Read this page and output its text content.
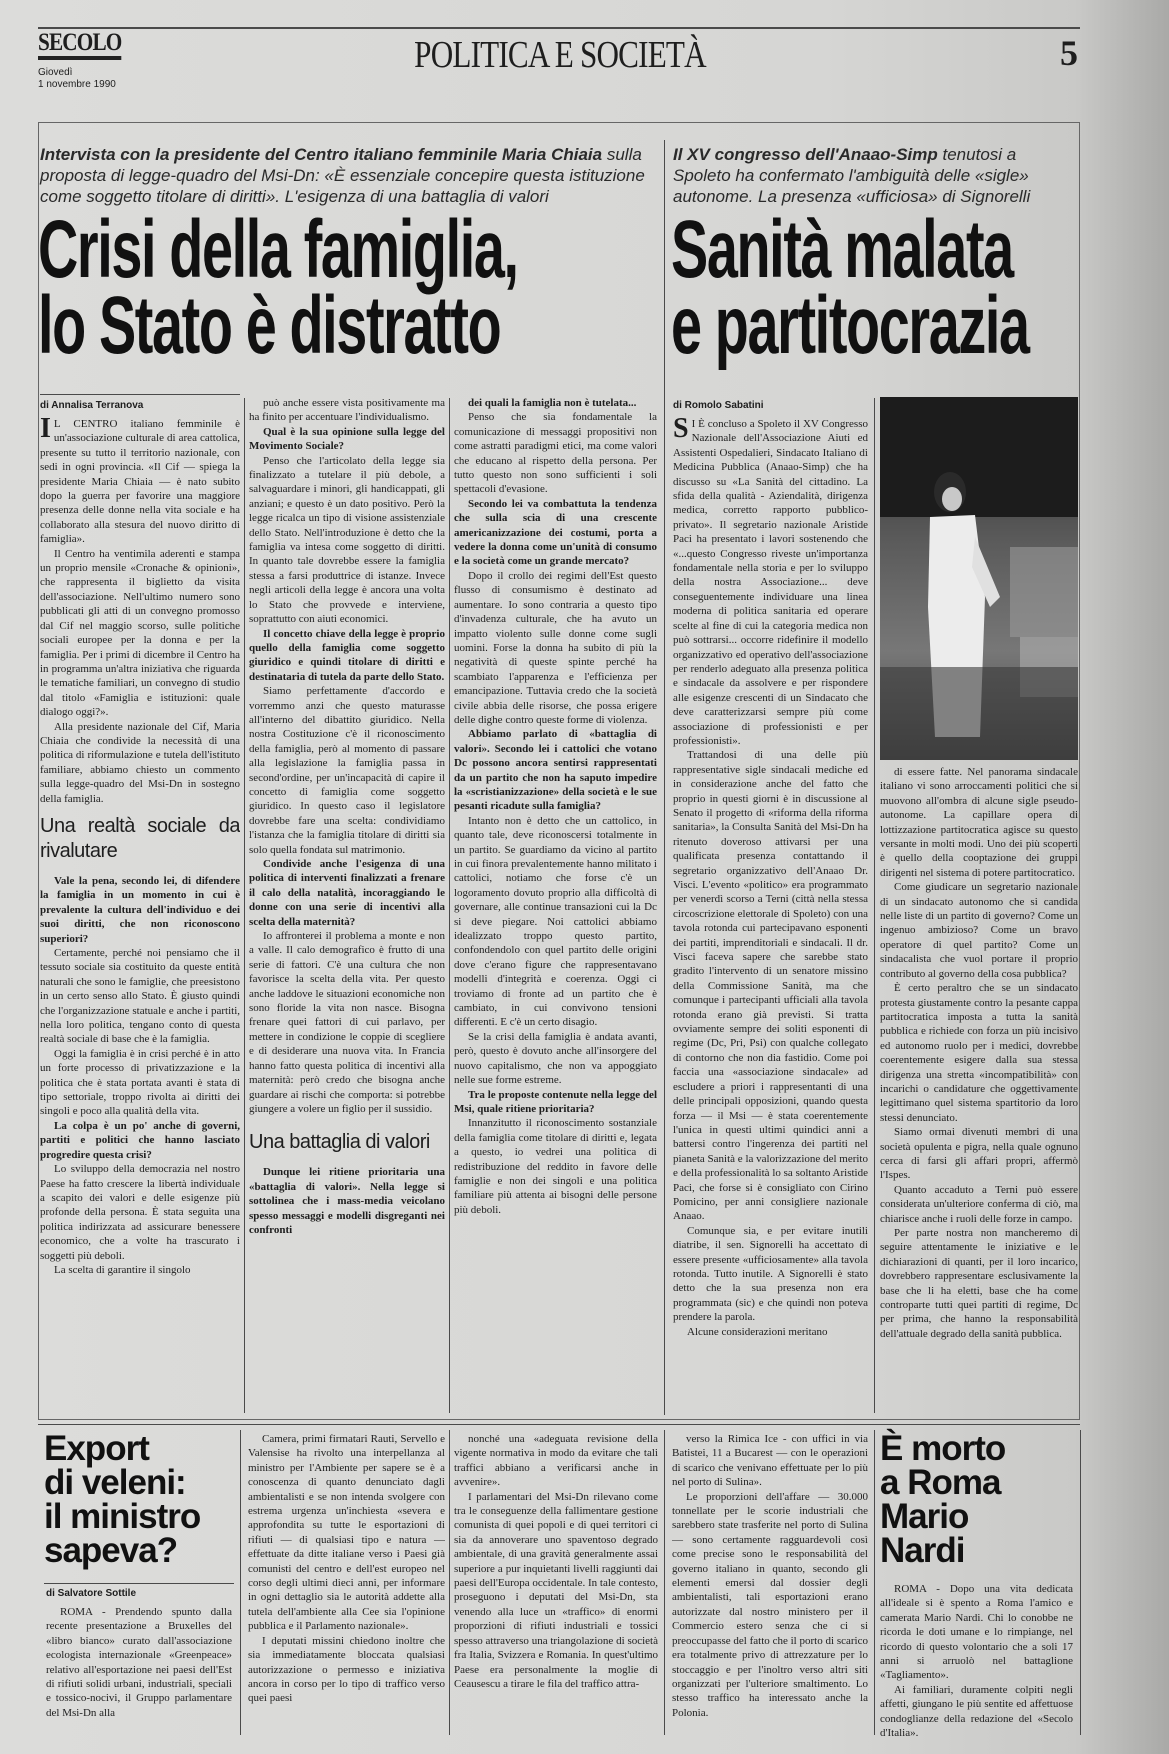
SECOLO
Giovedì
1 novembre 1990
POLITICA E SOCIETÀ	5
Intervista con la presidente del Centro italiano femminile Maria Chiaia sulla proposta di legge-quadro del Msi-Dn: «È essenziale concepire questa istituzione come soggetto titolare di diritti». L'esigenza di una battaglia di valori
Crisi della famiglia,
lo Stato è distratto
di Annalisa Terranova

IL CENTRO italiano femminile è un'associazione culturale di area cattolica, presente su tutto il territorio nazionale, con sedi in ogni provincia. «Il Cif — spiega la presidente Maria Chiaia — è nato subito dopo la guerra per favorire una maggiore presenza delle donne nella vita sociale e ha collaborato alla stesura del nuovo diritto di famiglia».

Il Centro ha ventimila aderenti e stampa un proprio mensile «Cronache & opinioni», che rappresenta il biglietto da visita dell'associazione. Nell'ultimo numero sono pubblicati gli atti di un convegno promosso dal Cif nel maggio scorso, sulle politiche sociali europee per la donna e per la famiglia. Per i primi di dicembre il Centro ha in programma un'altra iniziativa che riguarda le tematiche familiari, un convegno di studio dal titolo «Famiglia e istituzioni: quale dialogo oggi?».

Alla presidente nazionale del Cif, Maria Chiaia che condivide la necessità di una politica di riformulazione e tutela dell'istituto familiare, abbiamo chiesto un commento sulla legge-quadro del Msi-Dn in sostegno della famiglia.

Una realtà sociale da rivalutare

Vale la pena, secondo lei, di difendere la famiglia in un momento in cui è prevalente la cultura dell'individuo e dei suoi diritti, che non riconoscono superiori?

Certamente, perché noi pensiamo che il tessuto sociale sia costituito da queste entità naturali che sono le famiglie, che preesistono in un certo senso allo Stato. È giusto quindi che l'organizzazione statuale e anche i partiti, nella loro politica, tengano conto di questa realtà sociale di base che è la famiglia.

Oggi la famiglia è in crisi perché è in atto un forte processo di privatizzazione e la politica che è stata portata avanti è stata di tipo settoriale, troppo rivolta ai diritti dei singoli e poco alla qualità della vita.

La colpa è un po' anche di governi, partiti e politici che hanno lasciato progredire questa crisi?

Lo sviluppo della democrazia nel nostro Paese ha fatto crescere la libertà individuale a scapito dei valori e delle esigenze più profonde della persona. È stata seguita una politica indirizzata ad assicurare benessere economico, che a volte ha trascurato i soggetti più deboli.

La scelta di garantire il singolo

può anche essere vista positivamente ma ha finito per accentuare l'individualismo.

Qual è la sua opinione sulla legge del Movimento Sociale?

Penso che l'articolato della legge sia finalizzato a tutelare il più debole, a salvaguardare i minori, gli handicappati, gli anziani; e questo è un dato positivo. Però la legge ricalca un tipo di visione assistenziale dello Stato. Nell'introduzione è detto che la famiglia va intesa come soggetto di diritti. In quanto tale dovrebbe essere la famiglia stessa a farsi produttrice di istanze. Invece negli articoli della legge è ancora una volta lo Stato che provvede e interviene, soprattutto con aiuti economici.

Il concetto chiave della legge è proprio quello della famiglia come soggetto giuridico e quindi titolare di diritti e destinataria di tutela da parte dello Stato.

Siamo perfettamente d'accordo e vorremmo anzi che questo maturasse all'interno del dibattito giuridico. Nella nostra Costituzione c'è il riconoscimento della famiglia, però al momento di passare alla legislazione la famiglia passa in second'ordine, per un'incapacità di capire il concetto di famiglia come soggetto giuridico. In questo caso il legislatore dovrebbe fare una scelta: condividiamo l'istanza che la famiglia titolare di diritti sia solo quella fondata sul matrimonio.

Condivide anche l'esigenza di una politica di interventi finalizzati a frenare il calo della natalità, incoraggiando le donne con una serie di incentivi alla scelta della maternità?

Io affronterei il problema a monte e non a valle. Il calo demografico è frutto di una serie di fattori. C'è una cultura che non favorisce la scelta della vita. Per questo anche laddove le situazioni economiche non sono floride la vita non nasce. Bisogna frenare quei fattori di cui parlavo, per mettere in condizione le coppie di scegliere e di desiderare una nuova vita. In Francia hanno fatto questa politica di incentivi alla maternità: però credo che bisogna anche guardare ai rischi che comporta: si potrebbe giungere a volere un figlio per il sussidio.

Una battaglia di valori

Dunque lei ritiene prioritaria una «battaglia di valori». Nella legge si sottolinea che i mass-media veicolano spesso messaggi e modelli disgreganti nei confronti

dei quali la famiglia non è tutelata...

Penso che sia fondamentale la comunicazione di messaggi propositivi non come astratti paradigmi etici, ma come valori che educano al rispetto della persona. Per tutto questo non sono sufficienti i soli spettacoli d'evasione.

Secondo lei va combattuta la tendenza che sulla scia di una crescente americanizzazione dei costumi, porta a vedere la donna come un'unità di consumo e la società come un grande mercato?

Dopo il crollo dei regimi dell'Est questo flusso di consumismo è destinato ad aumentare. Io sono contraria a questo tipo d'invadenza culturale, che ha avuto un impatto violento sulle donne come sugli uomini. Forse la donna ha subito di più la negatività di queste spinte perché ha scambiato l'apparenza e l'efficienza per emancipazione. Tuttavia credo che la società civile abbia delle risorse, che possa erigere delle dighe contro queste forme di violenza.

Abbiamo parlato di «battaglia di valori». Secondo lei i cattolici che votano Dc possono ancora sentirsi rappresentati da un partito che non ha saputo impedire la «scristianizzazione» della società e le sue pesanti ricadute sulla famiglia?

Intanto non è detto che un cattolico, in quanto tale, deve riconoscersi totalmente in un partito. Se guardiamo da vicino al partito in cui finora prevalentemente hanno militato i cattolici, notiamo che forse c'è un logoramento dovuto proprio alla difficoltà di governare, alle continue transazioni cui la Dc si deve piegare. Noi cattolici abbiamo idealizzato troppo questo partito, confondendolo con quel partito delle origini dove c'erano figure che rappresentavano modelli d'integrità e coerenza. Oggi ci troviamo di fronte ad un partito che è cambiato, in cui convivono tensioni differenti. E c'è un certo disagio.

Se la crisi della famiglia è andata avanti, però, questo è dovuto anche all'insorgere del nuovo capitalismo, che non va appoggiato nelle sue forme estreme.

Tra le proposte contenute nella legge del Msi, quale ritiene prioritaria?

Innanzitutto il riconoscimento sostanziale della famiglia come titolare di diritti e, legata a questo, io vedrei una politica di redistribuzione del reddito in favore delle famiglie e non dei singoli e una politica familiare più attenta ai bisogni delle persone più deboli.

Il XV congresso dell'Anaao-Simp tenutosi a Spoleto ha confermato l'ambiguità delle «sigle» autonome. La presenza «ufficiosa» di Signorelli
Sanità malata
e partitocrazia
di Romolo Sabatini

SI È concluso a Spoleto il XV Congresso Nazionale dell'Associazione Aiuti ed Assistenti Ospedalieri, Sindacato Italiano di Medicina Pubblica (Anaao-Simp) che ha discusso su «La Sanità del cittadino. La sfida della qualità - Aziendalità, dirigenza medica, corretto rapporto pubblico-privato». Il segretario nazionale Aristide Paci ha presentato i lavori sostenendo che «...questo Congresso riveste un'importanza fondamentale nella storia e per lo sviluppo della nostra Associazione... deve conseguentemente individuare una linea moderna di politica sanitaria ed operare scelte al fine di cui la categoria medica non può sottrarsi... occorre ridefinire il modello organizzativo ed operativo dell'associazione per renderlo adeguato alla presenza politica e sindacale da assolvere e per rispondere alle esigenze crescenti di un Sindacato che deve caratterizzarsi sempre più come associazione di professionisti e per professionisti».

Trattandosi di una delle più rappresentative sigle sindacali mediche ed in considerazione anche del fatto che proprio in questi giorni è in discussione al Senato il progetto di «riforma della riforma sanitaria», la Consulta Sanità del Msi-Dn ha ritenuto doveroso attivarsi per una qualificata presenza contattando il segretario organizzativo dell'Anaao Dr. Visci. L'evento «politico» era programmato per venerdì scorso a Terni (città nella stessa circoscrizione elettorale di Spoleto) con una tavola rotonda cui partecipavano esponenti dei partiti, imprenditoriali e sindacali. Il dr. Visci faceva sapere che sarebbe stato gradito l'intervento di un senatore missino della Commissione Sanità, ma che comunque i partecipanti ufficiali alla tavola rotonda erano già previsti. Si tratta ovviamente sempre dei soliti esponenti di regime (Dc, Pri, Psi) con qualche collegato di contorno che non dia fastidio. Come poi faccia una «associazione sindacale» ad escludere a priori i rappresentanti di una delle principali opposizioni, quando questa forza — il Msi — è stata coerentemente l'unica in questi ultimi quindici anni a battersi contro l'ingerenza dei partiti nel pianeta Sanità e la valorizzazione del merito e della professionalità lo sa soltanto Aristide Paci, che forse si è consigliato con Cirino Pomicino, per anni consigliere nazionale Anaao.

Comunque sia, e per evitare inutili diatribe, il sen. Signorelli ha accettato di essere presente «ufficiosamente» alla tavola rotonda. Tutto inutile. A Signorelli è stato detto che la sua presenza non era programmata (sic) e che quindi non poteva prendere la parola.

Alcune considerazioni meritano

di essere fatte. Nel panorama sindacale italiano vi sono arroccamenti politici che si muovono all'ombra di alcune sigle pseudo-autonome. La capillare opera di lottizzazione partitocratica agisce su questo versante in molti modi. Uno dei più scoperti è quello della cooptazione dei gruppi dirigenti nel sistema di potere partitocratico.

Come giudicare un segretario nazionale di un sindacato autonomo che si candida nelle liste di un partito di governo? Come un ingenuo ambizioso? Come un bravo operatore di quel partito? Come un sindacalista che vuol portare il proprio contributo al governo della cosa pubblica?

È certo peraltro che se un sindacato protesta giustamente contro la pesante cappa partitocratica imposta a tutta la sanità pubblica e richiede con forza un più incisivo ed autonomo ruolo per i medici, dovrebbe coerentemente esigere dalla sua stessa dirigenza una stretta «incompatibilità» con incarichi o candidature che oggettivamente legittimano quel sistema spartitorio da loro stessi denunciato.

Siamo ormai divenuti membri di una società opulenta e pigra, nella quale ognuno cerca di farsi gli affari propri, affermò l'Ispes.

Quanto accaduto a Terni può essere considerata un'ulteriore conferma di ciò, ma chiarisce anche i ruoli delle forze in campo.

Per parte nostra non mancheremo di seguire attentamente le iniziative e le dichiarazioni di quanti, per il loro incarico, dovrebbero rappresentare esclusivamente la base che li ha eletti, base che ha come controparte tutti quei partiti di regime, Dc per prima, che hanno la responsabilità dell'attuale degrado della sanità pubblica.

Export
di veleni:
il ministro
sapeva?
di Salvatore Sottile

ROMA - Prendendo spunto dalla recente presentazione a Bruxelles del «libro bianco» curato dall'associazione ecologista internazionale «Greenpeace» relativo all'esportazione nei paesi dell'Est di rifiuti solidi urbani, industriali, speciali e tossico-nocivi, il Gruppo parlamentare del Msi-Dn alla

Camera, primi firmatari Rauti, Servello e Valensise ha rivolto una interpellanza al ministro per l'Ambiente per sapere se è a conoscenza di quanto denunciato dagli ambientalisti e se non intenda svolgere con estrema urgenza un'inchiesta «severa e approfondita su tutte le esportazioni di rifiuti — di qualsiasi tipo e natura — effettuate da ditte italiane verso i Paesi già comunisti del centro e dell'est europeo nel corso degli ultimi dieci anni, per informare in ogni dettaglio sia le autorità addette alla tutela dell'ambiente alla Cee sia l'opinione pubblica e il Parlamento nazionale».

I deputati missini chiedono inoltre che sia immediatamente bloccata qualsiasi autorizzazione o permesso e iniziativa ancora in corso per lo tipo di traffico verso quei paesi

nonché una «adeguata revisione della vigente normativa in modo da evitare che tali traffici abbiano a verificarsi anche in avvenire».

I parlamentari del Msi-Dn rilevano come tra le conseguenze della fallimentare gestione comunista di quei popoli e di quei territori ci sia da annoverare uno spaventoso degrado ambientale, di una gravità generalmente assai superiore a pur inquietanti livelli raggiunti dai paesi dell'Europa occidentale. In tale contesto, proseguono i deputati del Msi-Dn, sta venendo alla luce un «traffico» di enormi proporzioni di rifiuti industriali e tossici spesso attraverso una triangolazione di società fra Italia, Svizzera e Romania. In quest'ultimo Paese era personalmente la moglie di Ceausescu a tirare le fila del traffico attra-

verso la Rimica Ice - con uffici in via Batistei, 11 a Bucarest — con le operazioni di scarico che venivano effettuate per lo più nel porto di Sulina».

Le proporzioni dell'affare — 30.000 tonnellate per le scorie industriali che sarebbero state trasferite nel porto di Sulina — sono certamente ragguardevoli così come precise sono le responsabilità del governo italiano in quanto, secondo gli elementi emersi dal dossier degli ambientalisti, tali esportazioni erano autorizzate dal nostro ministero per il Commercio estero senza che ci si preoccupasse del fatto che il porto di scarico era totalmente privo di attrezzature per lo stoccaggio e per l'inoltro verso altri siti organizzati per l'ulteriore smaltimento. Lo stesso traffico ha interessato anche la Polonia.

È morto
a Roma
Mario
Nardi

ROMA - Dopo una vita dedicata all'ideale si è spento a Roma l'amico e camerata Mario Nardi. Chi lo conobbe ne ricorda le doti umane e lo rimpiange, nel ricordo di questo volontario che a soli 17 anni si arruolò nel battaglione «Tagliamento».

Ai familiari, duramente colpiti negli affetti, giungano le più sentite ed affettuose condoglianze della redazione del «Secolo d'Italia».
